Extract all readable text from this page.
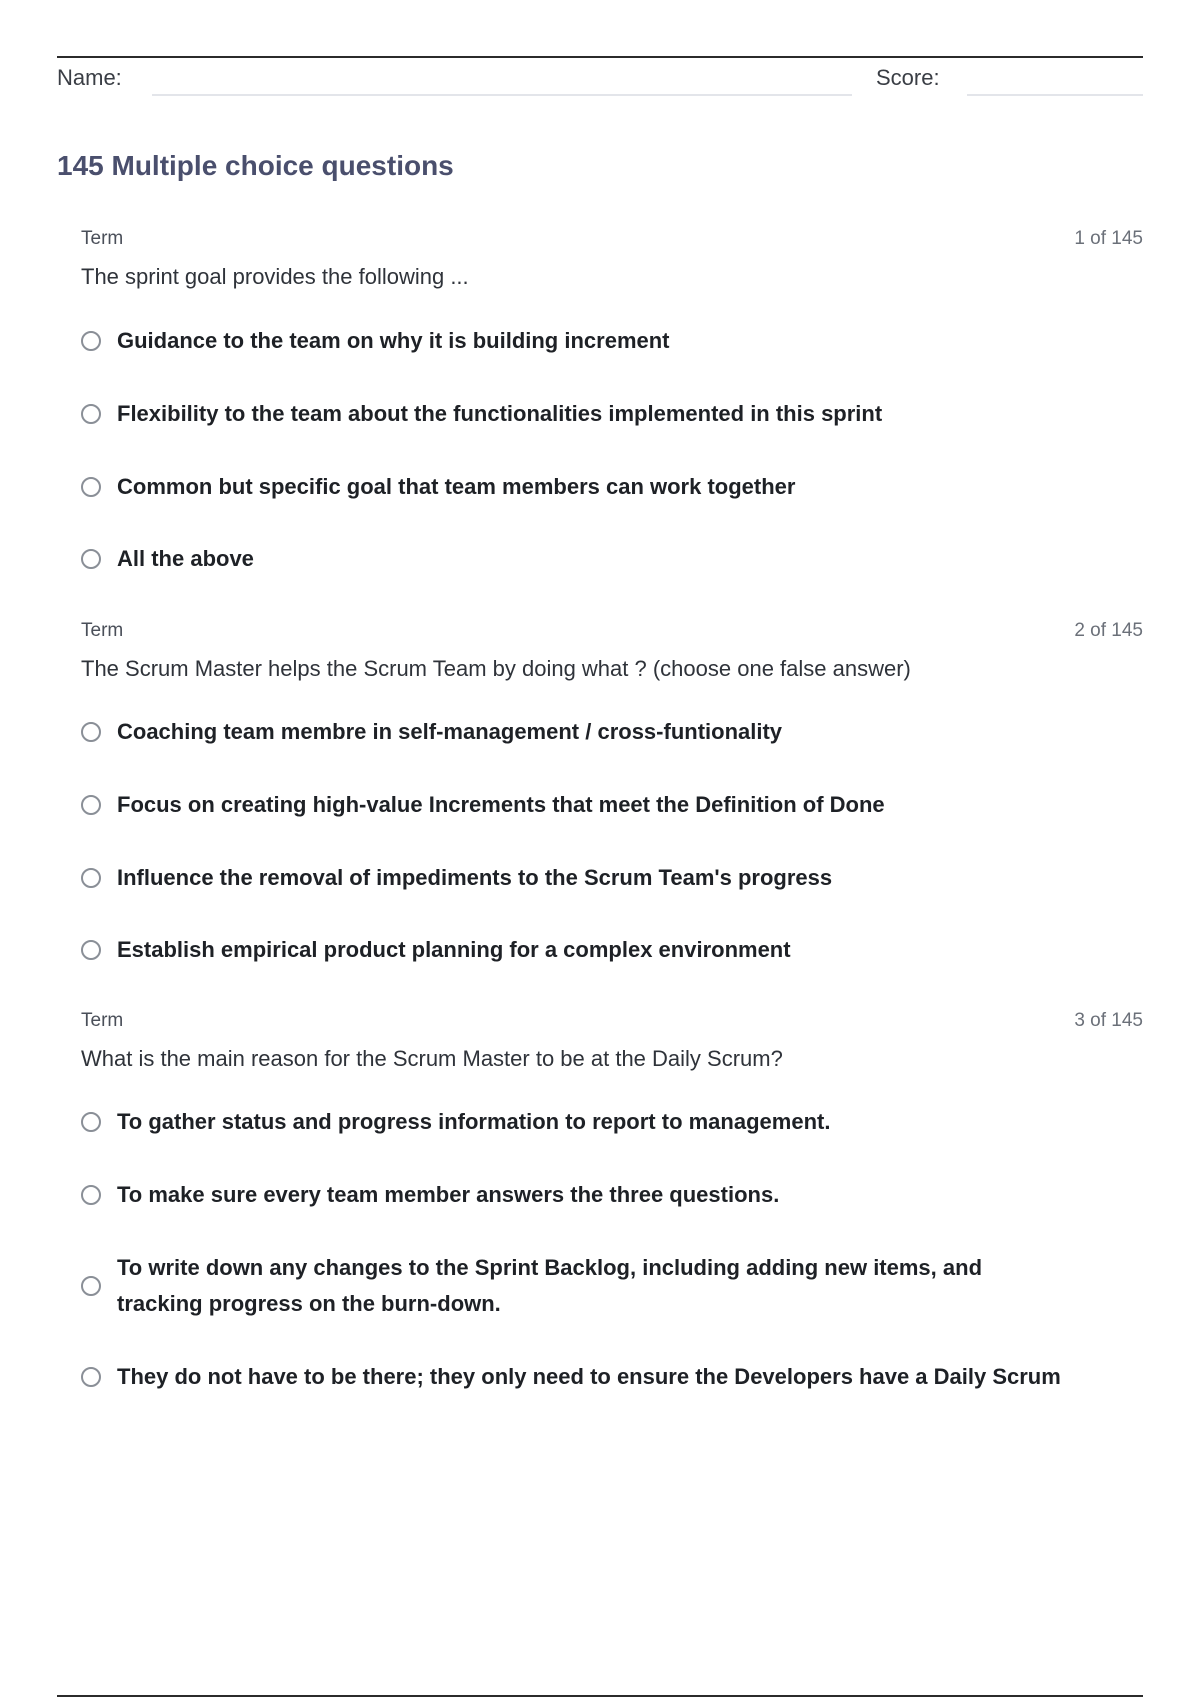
Name:	Score:
145 Multiple choice questions
Term	1 of 145
The sprint goal provides the following ...
Guidance to the team on why it is building increment
Flexibility to the team about the functionalities implemented in this sprint
Common but specific goal that team members can work together
All the above
Term	2 of 145
The Scrum Master helps the Scrum Team by doing what ? (choose one false answer)
Coaching team membre in self-management / cross-funtionality
Focus on creating high-value Increments that meet the Definition of Done
Influence the removal of impediments to the Scrum Team's progress
Establish empirical product planning for a complex environment
Term	3 of 145
What is the main reason for the Scrum Master to be at the Daily Scrum?
To gather status and progress information to report to management.
To make sure every team member answers the three questions.
To write down any changes to the Sprint Backlog, including adding new items, and tracking progress on the burn-down.
They do not have to be there; they only need to ensure the Developers have a Daily Scrum
